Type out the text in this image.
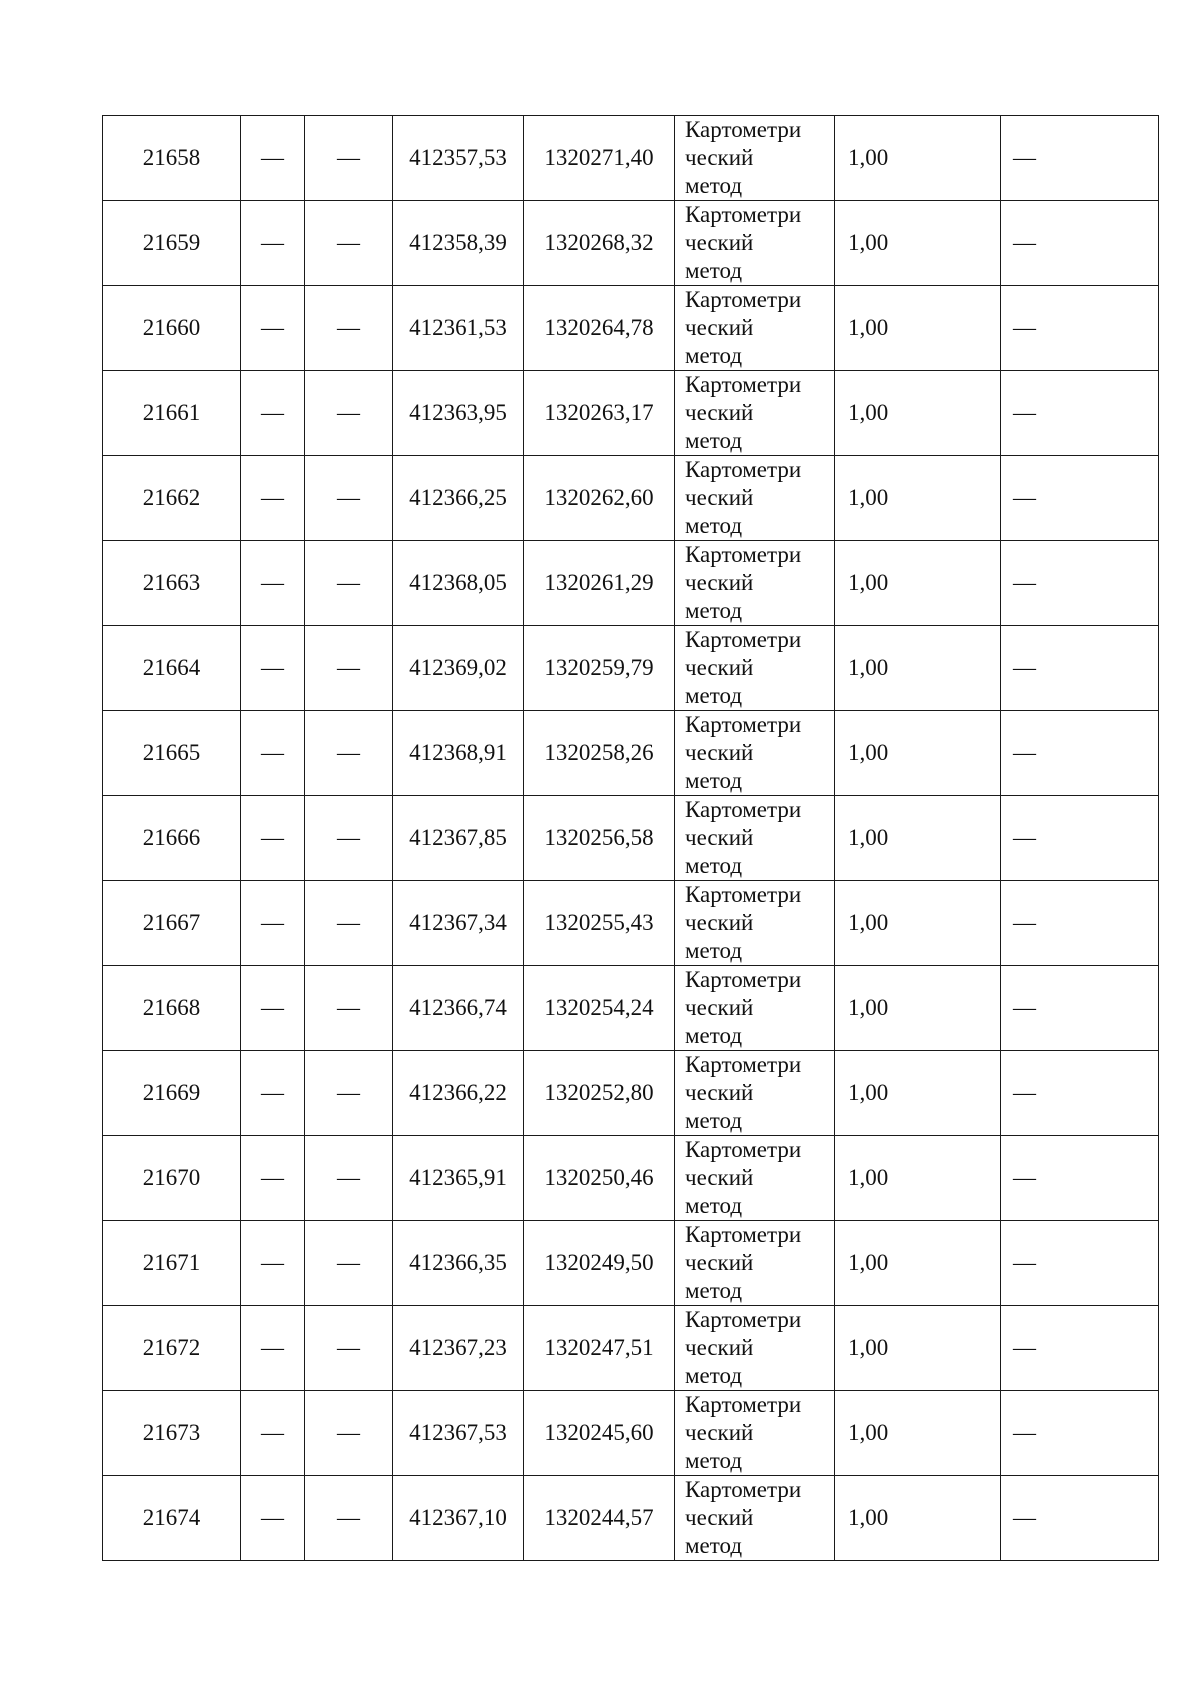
21658	—	—	412357,53	1320271,40	Картометри
ческий
метод	1,00	—
21659	—	—	412358,39	1320268,32	Картометри
ческий
метод	1,00	—
21660	—	—	412361,53	1320264,78	Картометри
ческий
метод	1,00	—
21661	—	—	412363,95	1320263,17	Картометри
ческий
метод	1,00	—
21662	—	—	412366,25	1320262,60	Картометри
ческий
метод	1,00	—
21663	—	—	412368,05	1320261,29	Картометри
ческий
метод	1,00	—
21664	—	—	412369,02	1320259,79	Картометри
ческий
метод	1,00	—
21665	—	—	412368,91	1320258,26	Картометри
ческий
метод	1,00	—
21666	—	—	412367,85	1320256,58	Картометри
ческий
метод	1,00	—
21667	—	—	412367,34	1320255,43	Картометри
ческий
метод	1,00	—
21668	—	—	412366,74	1320254,24	Картометри
ческий
метод	1,00	—
21669	—	—	412366,22	1320252,80	Картометри
ческий
метод	1,00	—
21670	—	—	412365,91	1320250,46	Картометри
ческий
метод	1,00	—
21671	—	—	412366,35	1320249,50	Картометри
ческий
метод	1,00	—
21672	—	—	412367,23	1320247,51	Картометри
ческий
метод	1,00	—
21673	—	—	412367,53	1320245,60	Картометри
ческий
метод	1,00	—
21674	—	—	412367,10	1320244,57	Картометри
ческий
метод	1,00	—
